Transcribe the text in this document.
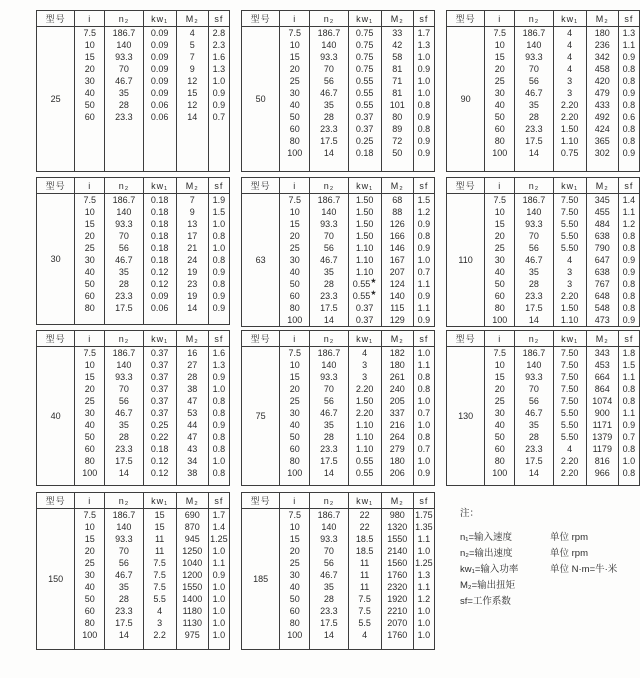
型号	i	n₂	kw₁	M₂	sf
25	7.5	186.7	0.09	4	2.8
	10	140	0.09	5	2.3
	15	93.3	0.09	7	1.6
	20	70	0.09	9	1.3
	30	46.7	0.09	12	1.0
	40	35	0.09	15	0.9
	50	28	0.06	12	0.9
	60	23.3	0.06	14	0.7

型号	i	n₂	kw₁	M₂	sf
50	7.5	186.7	0.75	33	1.7
	10	140	0.75	42	1.3
	15	93.3	0.75	58	1.0
	20	70	0.75	81	0.9
	25	56	0.55	71	1.0
	30	46.7	0.55	81	1.0
	40	35	0.55	101	0.8
	50	28	0.37	80	0.9
	60	23.3	0.37	89	0.8
	80	17.5	0.25	72	0.9
	100	14	0.18	50	0.9

型号	i	n₂	kw₁	M₂	sf
90	7.5	186.7	4	180	1.3
	10	140	4	236	1.1
	15	93.3	4	342	0.9
	20	70	4	458	0.8
	25	56	3	420	0.8
	30	46.7	3	479	0.9
	40	35	2.20	433	0.8
	50	28	2.20	492	0.6
	60	23.3	1.50	424	0.8
	80	17.5	1.10	365	0.8
	100	14	0.75	302	0.9

型号	i	n₂	kw₁	M₂	sf
30	7.5	186.7	0.18	7	1.9
	10	140	0.18	9	1.5
	15	93.3	0.18	13	1.0
	20	70	0.18	17	0.8
	25	56	0.18	21	1.0
	30	46.7	0.18	24	0.8
	40	35	0.12	19	0.9
	50	28	0.12	23	0.8
	60	23.3	0.09	19	0.9
	80	17.5	0.06	14	0.9

型号	i	n₂	kw₁	M₂	sf
63	7.5	186.7	1.50	68	1.5
	10	140	1.50	88	1.2
	15	93.3	1.50	126	0.9
	20	70	1.50	166	0.8
	25	56	1.10	146	0.9
	30	46.7	1.10	167	1.0
	40	35	1.10	207	0.7
	50	28	0.55★	124	1.1
	60	23.3	0.55★	140	0.9
	80	17.5	0.37	115	1.1
	100	14	0.37	129	0.9

型号	i	n₂	kw₁	M₂	sf
110	7.5	186.7	7.50	345	1.4
	10	140	7.50	455	1.1
	15	93.3	5.50	484	1.2
	20	70	5.50	638	0.8
	25	56	5.50	790	0.8
	30	46.7	4	647	0.9
	40	35	3	638	0.9
	50	28	3	767	0.8
	60	23.3	2.20	648	0.8
	80	17.5	1.50	548	0.8
	100	14	1.10	473	0.9

型号	i	n₂	kw₁	M₂	sf
40	7.5	186.7	0.37	16	1.6
	10	140	0.37	27	1.3
	15	93.3	0.37	28	0.9
	20	70	0.37	38	1.0
	25	56	0.37	47	0.8
	30	46.7	0.37	53	0.8
	40	35	0.25	44	0.9
	50	28	0.22	47	0.8
	60	23.3	0.18	43	0.8
	80	17.5	0.12	34	1.0
	100	14	0.12	38	0.8

型号	i	n₂	kw₁	M₂	sf
75	7.5	186.7	4	182	1.0
	10	140	3	180	1.1
	15	93.3	3	261	0.8
	20	70	2.20	240	0.8
	25	56	1.50	205	1.0
	30	46.7	2.20	337	0.7
	40	35	1.10	216	1.0
	50	28	1.10	264	0.8
	60	23.3	1.10	279	0.7
	80	17.5	0.55	180	1.0
	100	14	0.55	206	0.9

型号	i	n₂	kw₁	M₂	sf
130	7.5	186.7	7.50	343	1.8
	10	140	7.50	453	1.5
	15	93.3	7.50	664	1.1
	20	70	7.50	864	0.8
	25	56	7.50	1074	0.8
	30	46.7	5.50	900	1.1
	40	35	5.50	1171	0.9
	50	28	5.50	1379	0.7
	60	23.3	4	1179	0.8
	80	17.5	2.20	816	1.0
	100	14	2.20	966	0.8

型号	i	n₂	kw₁	M₂	sf
150	7.5	186.7	15	690	1.7
	10	140	15	870	1.4
	15	93.3	11	945	1.25
	20	70	11	1250	1.0
	25	56	7.5	1040	1.1
	30	46.7	7.5	1200	0.9
	40	35	7.5	1550	1.0
	50	28	5.5	1400	1.0
	60	23.3	4	1180	1.0
	80	17.5	3	1130	1.0
	100	14	2.2	975	1.0

型号	i	n₂	kw₁	M₂	sf
185	7.5	186.7	22	980	1.75
	10	140	22	1320	1.35
	15	93.3	18.5	1550	1.1
	20	70	18.5	2140	1.0
	25	56	11	1560	1.25
	30	46.7	11	1760	1.3
	40	35	11	2320	1.1
	50	28	7.5	1920	1.2
	60	23.3	7.5	2210	1.0
	80	17.5	5.5	2070	1.0
	100	14	4	1760	1.0

注：
n₁=输入速度	单位 rpm
n₂=输出速度	单位 rpm
kw₁=输入功率	单位 N·m=牛·米
M₂=输出扭矩
sf=工作系数
